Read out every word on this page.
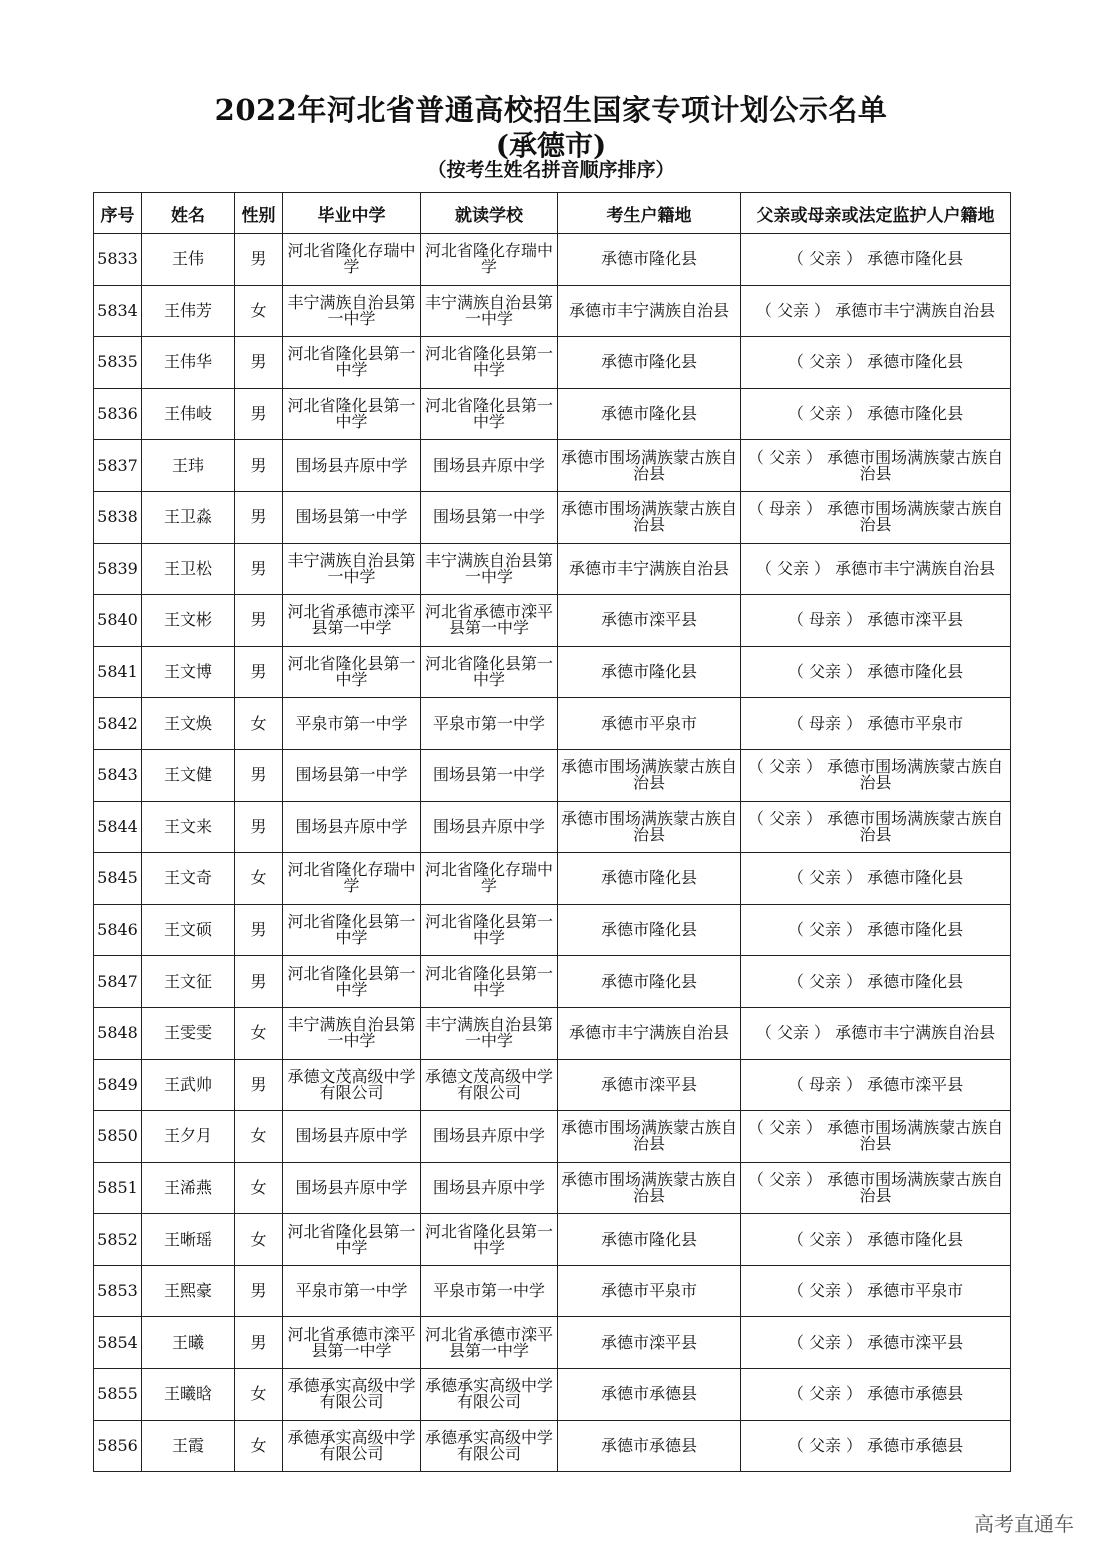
2022年河北省普通高校招生国家专项计划公示名单
(承德市)
（按考生姓名拼音顺序排序）
序号	姓名	性别	毕业中学	就读学校	考生户籍地	父亲或母亲或法定监护人户籍地
5833	王伟	男	河北省隆化存瑞中学	河北省隆化存瑞中学	承德市隆化县	（ 父亲 ） 承德市隆化县
5834	王伟芳	女	丰宁满族自治县第一中学	丰宁满族自治县第一中学	承德市丰宁满族自治县	（ 父亲 ） 承德市丰宁满族自治县
5835	王伟华	男	河北省隆化县第一中学	河北省隆化县第一中学	承德市隆化县	（ 父亲 ） 承德市隆化县
5836	王伟岐	男	河北省隆化县第一中学	河北省隆化县第一中学	承德市隆化县	（ 父亲 ） 承德市隆化县
5837	王玮	男	围场县卉原中学	围场县卉原中学	承德市围场满族蒙古族自治县	（ 父亲 ） 承德市围场满族蒙古族自治县
5838	王卫淼	男	围场县第一中学	围场县第一中学	承德市围场满族蒙古族自治县	（ 母亲 ） 承德市围场满族蒙古族自治县
5839	王卫松	男	丰宁满族自治县第一中学	丰宁满族自治县第一中学	承德市丰宁满族自治县	（ 父亲 ） 承德市丰宁满族自治县
5840	王文彬	男	河北省承德市滦平县第一中学	河北省承德市滦平县第一中学	承德市滦平县	（ 母亲 ） 承德市滦平县
5841	王文博	男	河北省隆化县第一中学	河北省隆化县第一中学	承德市隆化县	（ 父亲 ） 承德市隆化县
5842	王文焕	女	平泉市第一中学	平泉市第一中学	承德市平泉市	（ 母亲 ） 承德市平泉市
5843	王文健	男	围场县第一中学	围场县第一中学	承德市围场满族蒙古族自治县	（ 父亲 ） 承德市围场满族蒙古族自治县
5844	王文来	男	围场县卉原中学	围场县卉原中学	承德市围场满族蒙古族自治县	（ 父亲 ） 承德市围场满族蒙古族自治县
5845	王文奇	女	河北省隆化存瑞中学	河北省隆化存瑞中学	承德市隆化县	（ 父亲 ） 承德市隆化县
5846	王文硕	男	河北省隆化县第一中学	河北省隆化县第一中学	承德市隆化县	（ 父亲 ） 承德市隆化县
5847	王文征	男	河北省隆化县第一中学	河北省隆化县第一中学	承德市隆化县	（ 父亲 ） 承德市隆化县
5848	王雯雯	女	丰宁满族自治县第一中学	丰宁满族自治县第一中学	承德市丰宁满族自治县	（ 父亲 ） 承德市丰宁满族自治县
5849	王武帅	男	承德文茂高级中学有限公司	承德文茂高级中学有限公司	承德市滦平县	（ 母亲 ） 承德市滦平县
5850	王夕月	女	围场县卉原中学	围场县卉原中学	承德市围场满族蒙古族自治县	（ 父亲 ） 承德市围场满族蒙古族自治县
5851	王浠燕	女	围场县卉原中学	围场县卉原中学	承德市围场满族蒙古族自治县	（ 父亲 ） 承德市围场满族蒙古族自治县
5852	王晰瑶	女	河北省隆化县第一中学	河北省隆化县第一中学	承德市隆化县	（ 父亲 ） 承德市隆化县
5853	王熙豪	男	平泉市第一中学	平泉市第一中学	承德市平泉市	（ 父亲 ） 承德市平泉市
5854	王曦	男	河北省承德市滦平县第一中学	河北省承德市滦平县第一中学	承德市滦平县	（ 父亲 ） 承德市滦平县
5855	王曦晗	女	承德承实高级中学有限公司	承德承实高级中学有限公司	承德市承德县	（ 父亲 ） 承德市承德县
5856	王霞	女	承德承实高级中学有限公司	承德承实高级中学有限公司	承德市承德县	（ 父亲 ） 承德市承德县
高考直通车
